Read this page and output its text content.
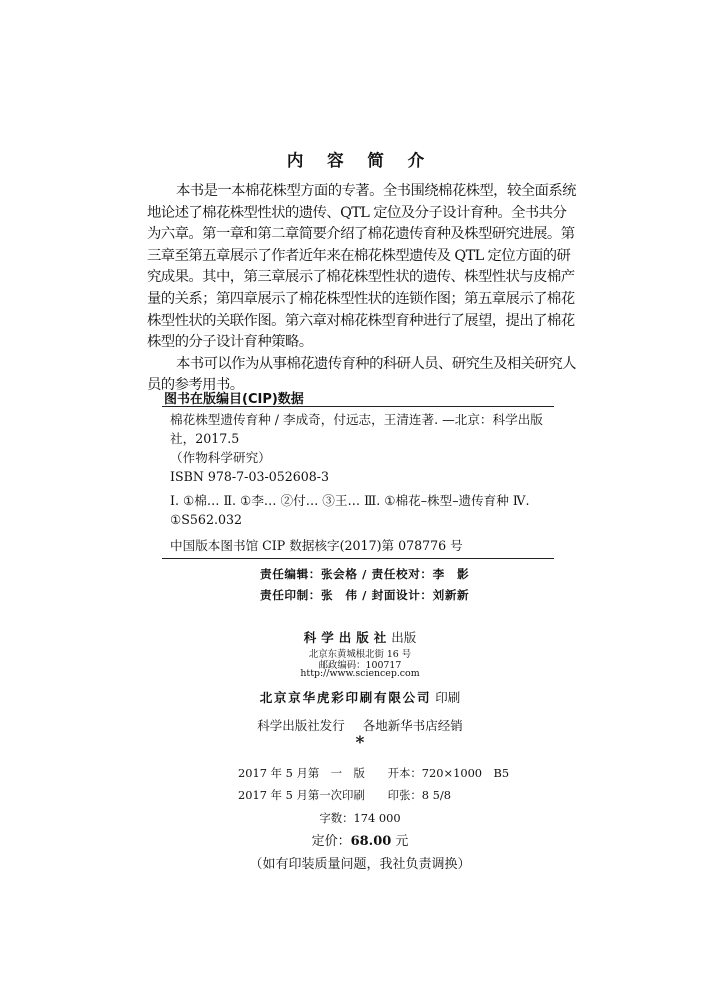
内 容 简 介

本书是一本棉花株型方面的专著。全书围绕棉花株型，较全面系统地论述了棉花株型性状的遗传、QTL 定位及分子设计育种。全书共分为六章。第一章和第二章简要介绍了棉花遗传育种及株型研究进展。第三章至第五章展示了作者近年来在棉花株型遗传及 QTL 定位方面的研究成果。其中，第三章展示了棉花株型性状的遗传、株型性状与皮棉产量的关系；第四章展示了棉花株型性状的连锁作图；第五章展示了棉花株型性状的关联作图。第六章对棉花株型育种进行了展望，提出了棉花株型的分子设计育种策略。

本书可以作为从事棉花遗传育种的科研人员、研究生及相关研究人员的参考用书。

图书在版编目(CIP)数据

棉花株型遗传育种 / 李成奇，付远志，王清连著. —北京：科学出版社，2017.5

（作物科学研究）

ISBN 978-7-03-052608-3

Ⅰ. ①棉… Ⅱ. ①李… ②付… ③王… Ⅲ. ①棉花–株型–遗传育种 Ⅳ. ①S562.032
中国版本图书馆 CIP 数据核字(2017)第 078776 号
责任编辑：张会格 / 责任校对：李　影
责任印制：张　伟 / 封面设计：刘新新
科学出版社出版
北京东黄城根北街 16 号
邮政编码：100717
http://www.sciencep.com
北京京华虎彩印刷有限公司 印刷
科学出版社发行 各地新华书店经销
*
2017 年 5 月第　一　版　　开本：720×1000　B5
2017 年 5 月第一次印刷　　印张：8 5/8
字数：174 000
定价：68.00 元
（如有印装质量问题，我社负责调换）
